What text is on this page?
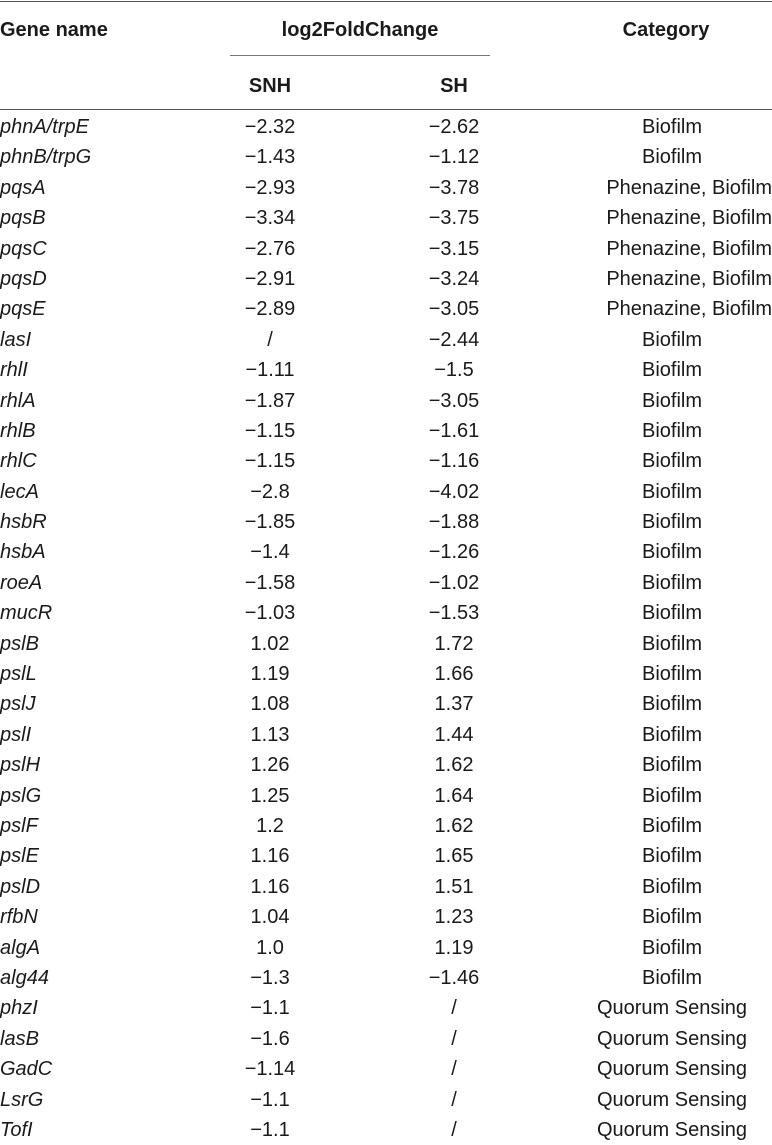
Gene name	log2FoldChange	Category
SNH	SH
phnA/trpE	−2.32	−2.62	Biofilm
phnB/trpG	−1.43	−1.12	Biofilm
pqsA	−2.93	−3.78	Phenazine, Biofilm
pqsB	−3.34	−3.75	Phenazine, Biofilm
pqsC	−2.76	−3.15	Phenazine, Biofilm
pqsD	−2.91	−3.24	Phenazine, Biofilm
pqsE	−2.89	−3.05	Phenazine, Biofilm
lasI	/	−2.44	Biofilm
rhlI	−1.11	−1.5	Biofilm
rhlA	−1.87	−3.05	Biofilm
rhlB	−1.15	−1.61	Biofilm
rhlC	−1.15	−1.16	Biofilm
lecA	−2.8	−4.02	Biofilm
hsbR	−1.85	−1.88	Biofilm
hsbA	−1.4	−1.26	Biofilm
roeA	−1.58	−1.02	Biofilm
mucR	−1.03	−1.53	Biofilm
pslB	1.02	1.72	Biofilm
pslL	1.19	1.66	Biofilm
pslJ	1.08	1.37	Biofilm
pslI	1.13	1.44	Biofilm
pslH	1.26	1.62	Biofilm
pslG	1.25	1.64	Biofilm
pslF	1.2	1.62	Biofilm
pslE	1.16	1.65	Biofilm
pslD	1.16	1.51	Biofilm
rfbN	1.04	1.23	Biofilm
algA	1.0	1.19	Biofilm
alg44	−1.3	−1.46	Biofilm
phzI	−1.1	/	Quorum Sensing
lasB	−1.6	/	Quorum Sensing
GadC	−1.14	/	Quorum Sensing
LsrG	−1.1	/	Quorum Sensing
TofI	−1.1	/	Quorum Sensing
